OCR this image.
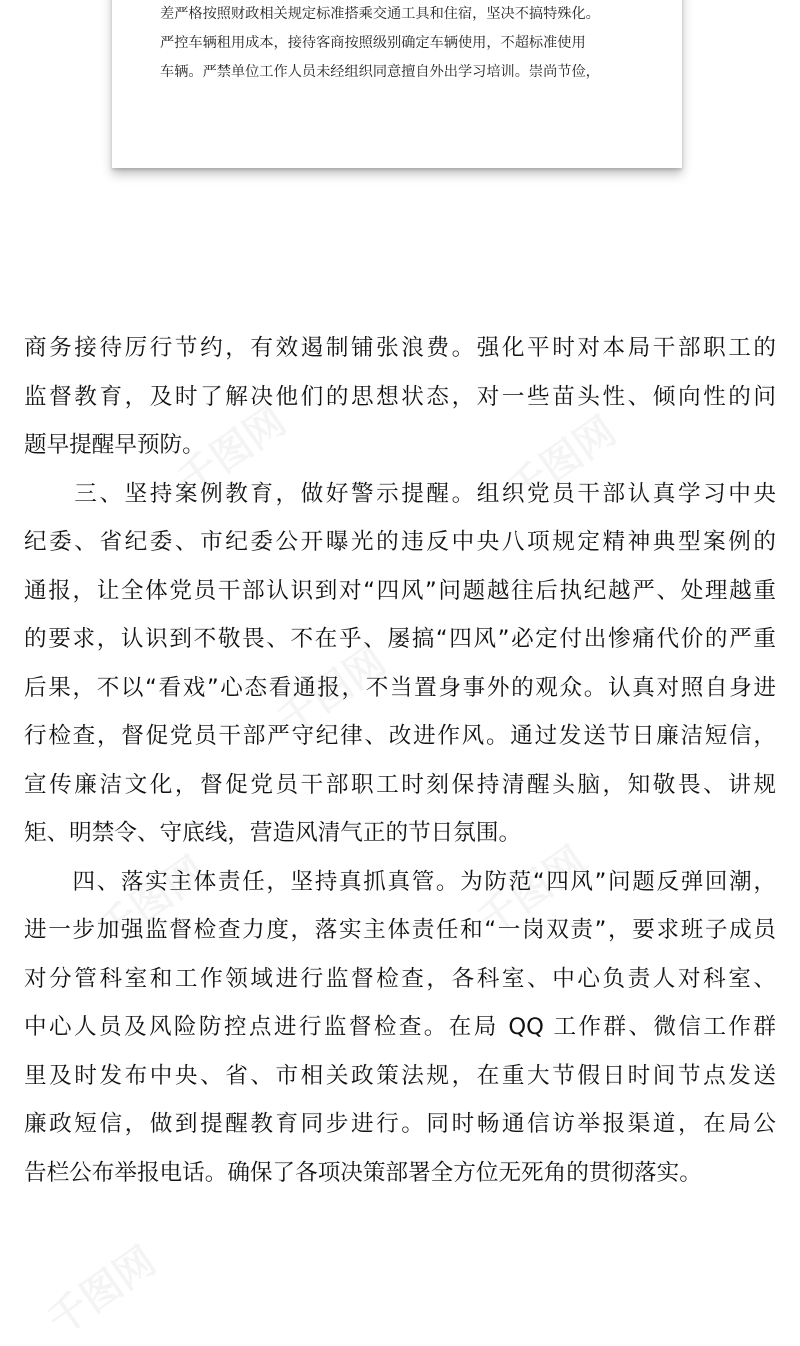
差严格按照财政相关规定标准搭乘交通工具和住宿，坚决不搞特殊化。
严控车辆租用成本，接待客商按照级别确定车辆使用，不超标准使用
车辆。严禁单位工作人员未经组织同意擅自外出学习培训。崇尚节俭，
商务接待厉行节约，有效遏制铺张浪费。强化平时对本局干部职工的
监督教育，及时了解决他们的思想状态，对一些苗头性、倾向性的问
题早提醒早预防。
　　三、坚持案例教育，做好警示提醒。组织党员干部认真学习中央
纪委、省纪委、市纪委公开曝光的违反中央八项规定精神典型案例的
通报，让全体党员干部认识到对“四风”问题越往后执纪越严、处理越重
的要求，认识到不敬畏、不在乎、屡搞“四风”必定付出惨痛代价的严重
后果，不以“看戏”心态看通报，不当置身事外的观众。认真对照自身进
行检查，督促党员干部严守纪律、改进作风。通过发送节日廉洁短信，
宣传廉洁文化，督促党员干部职工时刻保持清醒头脑，知敬畏、讲规
矩、明禁令、守底线，营造风清气正的节日氛围。
　　四、落实主体责任，坚持真抓真管。为防范“四风”问题反弹回潮，
进一步加强监督检查力度，落实主体责任和“一岗双责”，要求班子成员
对分管科室和工作领域进行监督检查，各科室、中心负责人对科室、
中心人员及风险防控点进行监督检查。在局 QQ 工作群、微信工作群
里及时发布中央、省、市相关政策法规，在重大节假日时间节点发送
廉政短信，做到提醒教育同步进行。同时畅通信访举报渠道，在局公
告栏公布举报电话。确保了各项决策部署全方位无死角的贯彻落实。
